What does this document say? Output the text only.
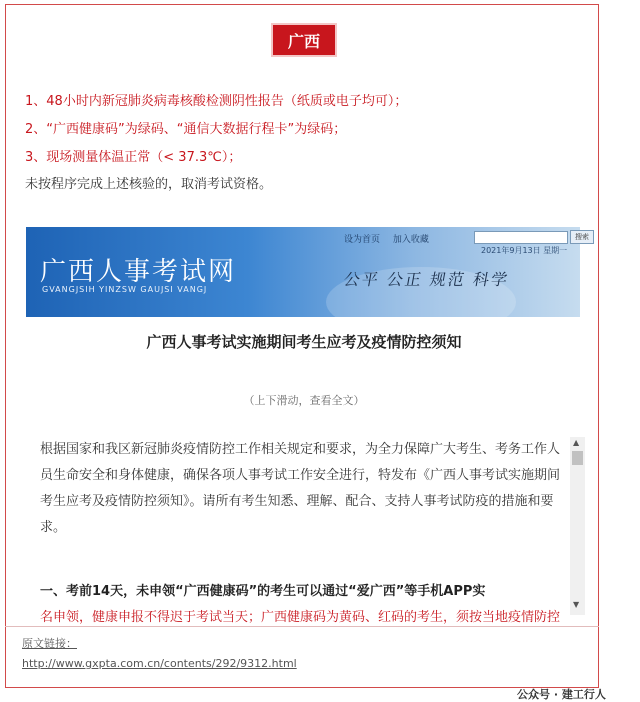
广西
1、48小时内新冠肺炎病毒核酸检测阴性报告（纸质或电子均可）；
2、“广西健康码”为绿码、“通信大数据行程卡”为绿码；
3、现场测量体温正常（< 37.3℃）；
未按程序完成上述核验的，取消考试资格。
设为首页 加入收藏	搜索
2021年9月13日 星期一
广西人事考试网
GVANGJSIH YINZSW GAUJSI VANGJ
公平 公正 规范 科学
广西人事考试实施期间考生应考及疫情防控须知
（上下滑动，查看全文）
根据国家和我区新冠肺炎疫情防控工作相关规定和要求，为全力保障广大考生、考务工作人员生命安全和身体健康，确保各项人事考试工作安全进行，特发布《广西人事考试实施期间考生应考及疫情防控须知》。请所有考生知悉、理解、配合、支持人事考试防疫的措施和要求。
一、考前14天，未申领“广西健康码”的考生可以通过“爱广西”等手机APP实
名申领，健康申报不得迟于考试当天；广西健康码为黄码、红码的考生，须按当地疫情防控
▲
▼
原文链接：
http://www.gxpta.com.cn/contents/292/9312.html
公众号 · 建工行人
